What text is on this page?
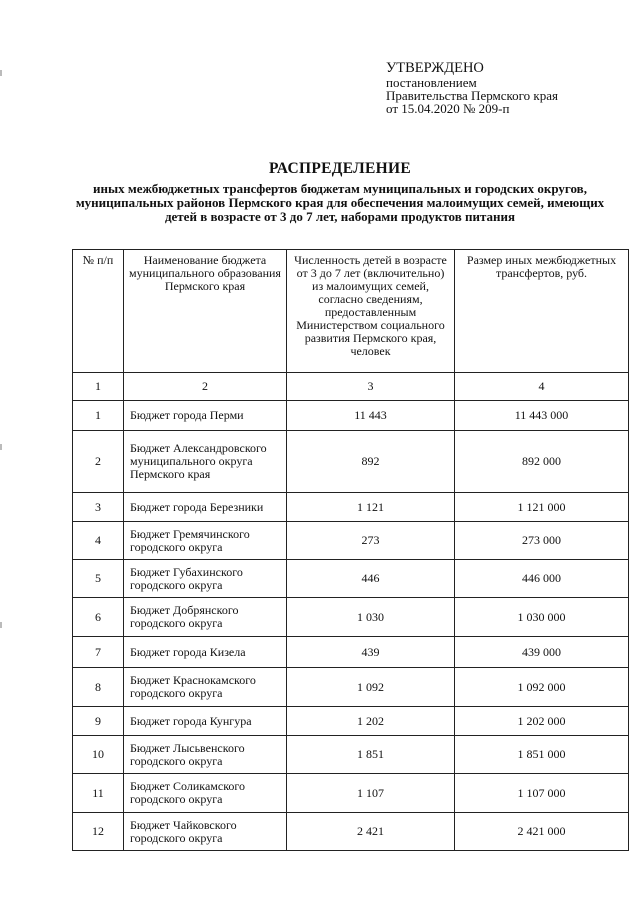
УТВЕРЖДЕНО
постановлением
Правительства Пермского края
от 15.04.2020 № 209-п
РАСПРЕДЕЛЕНИЕ
иных межбюджетных трансфертов бюджетам муниципальных и городских округов, муниципальных районов Пермского края для обеспечения малоимущих семей, имеющих детей в возрасте от 3 до 7 лет, наборами продуктов питания
№ п/п	Наименование бюджета муниципального образования Пермского края	Численность детей в возрасте от 3 до 7 лет (включительно) из малоимущих семей, согласно сведениям, предоставленным Министерством социального развития Пермского края, человек	Размер иных межбюджетных трансфертов, руб.
1	2	3	4
1	Бюджет города Перми	11 443	11 443 000
2	Бюджет Александровского муниципального округа Пермского края	892	892 000
3	Бюджет города Березники	1 121	1 121 000
4	Бюджет Гремячинского городского округа	273	273 000
5	Бюджет Губахинского городского округа	446	446 000
6	Бюджет Добрянского городского округа	1 030	1 030 000
7	Бюджет города Кизела	439	439 000
8	Бюджет Краснокамского городского округа	1 092	1 092 000
9	Бюджет города Кунгура	1 202	1 202 000
10	Бюджет Лысьвенского городского округа	1 851	1 851 000
11	Бюджет Соликамского городского округа	1 107	1 107 000
12	Бюджет Чайковского городского округа	2 421	2 421 000
